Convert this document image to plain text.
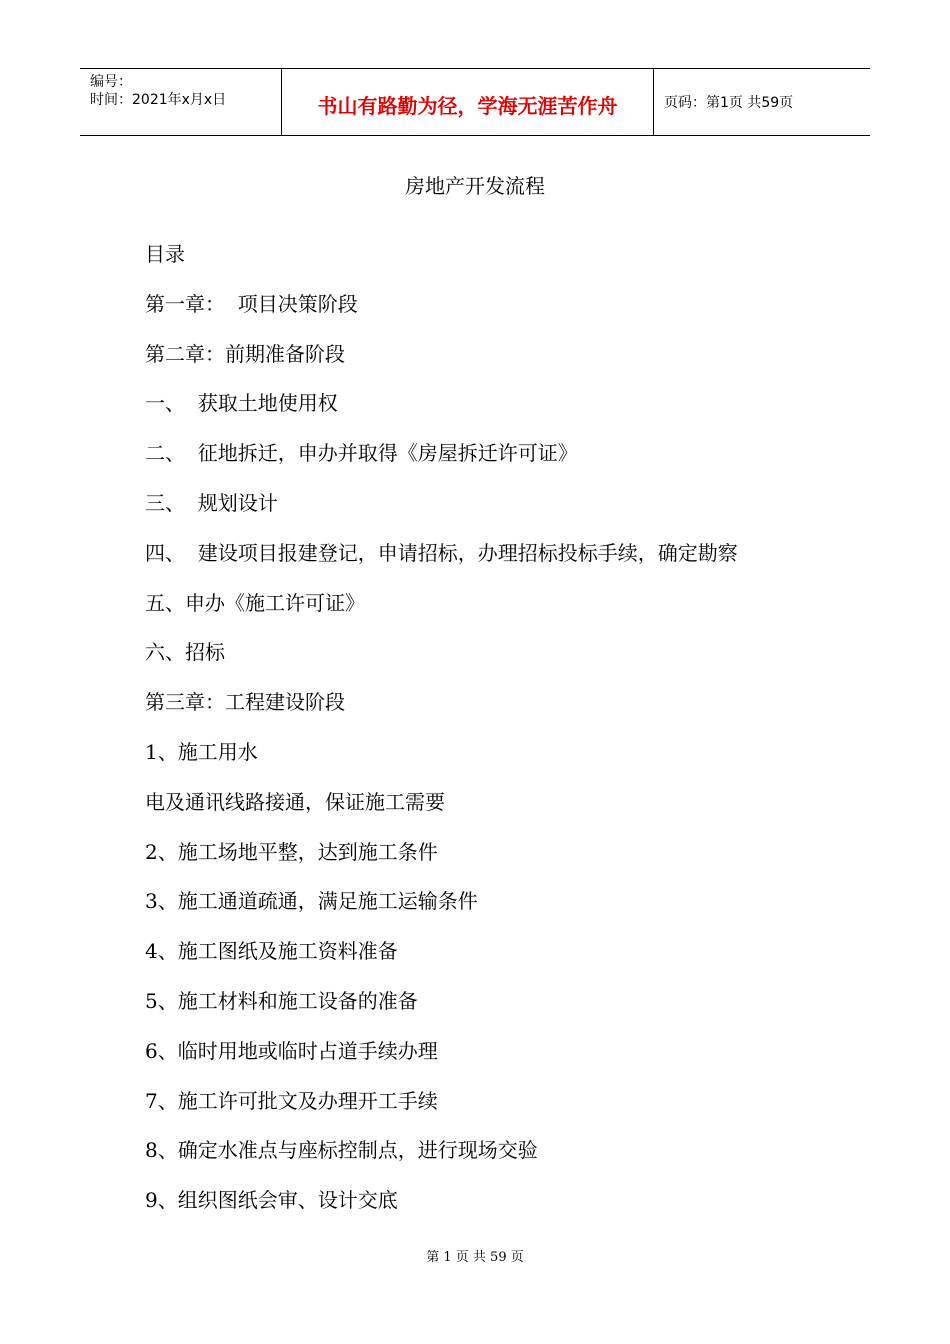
编号：
时间：2021年x月x日	书山有路勤为径，学海无涯苦作舟	页码：第1页 共59页
房地产开发流程
目录
第一章：  项目决策阶段
第二章：前期准备阶段
一、  获取土地使用权
二、  征地拆迁，申办并取得《房屋拆迁许可证》
三、  规划设计
四、  建设项目报建登记，申请招标，办理招标投标手续，确定勘察
五、申办《施工许可证》
六、招标
第三章：工程建设阶段
1、施工用水
电及通讯线路接通，保证施工需要
2、施工场地平整，达到施工条件
3、施工通道疏通，满足施工运输条件
4、施工图纸及施工资料准备
5、施工材料和施工设备的准备
6、临时用地或临时占道手续办理
7、施工许可批文及办理开工手续
8、确定水准点与座标控制点，进行现场交验
9、组织图纸会审、设计交底
第 1 页 共 59 页
